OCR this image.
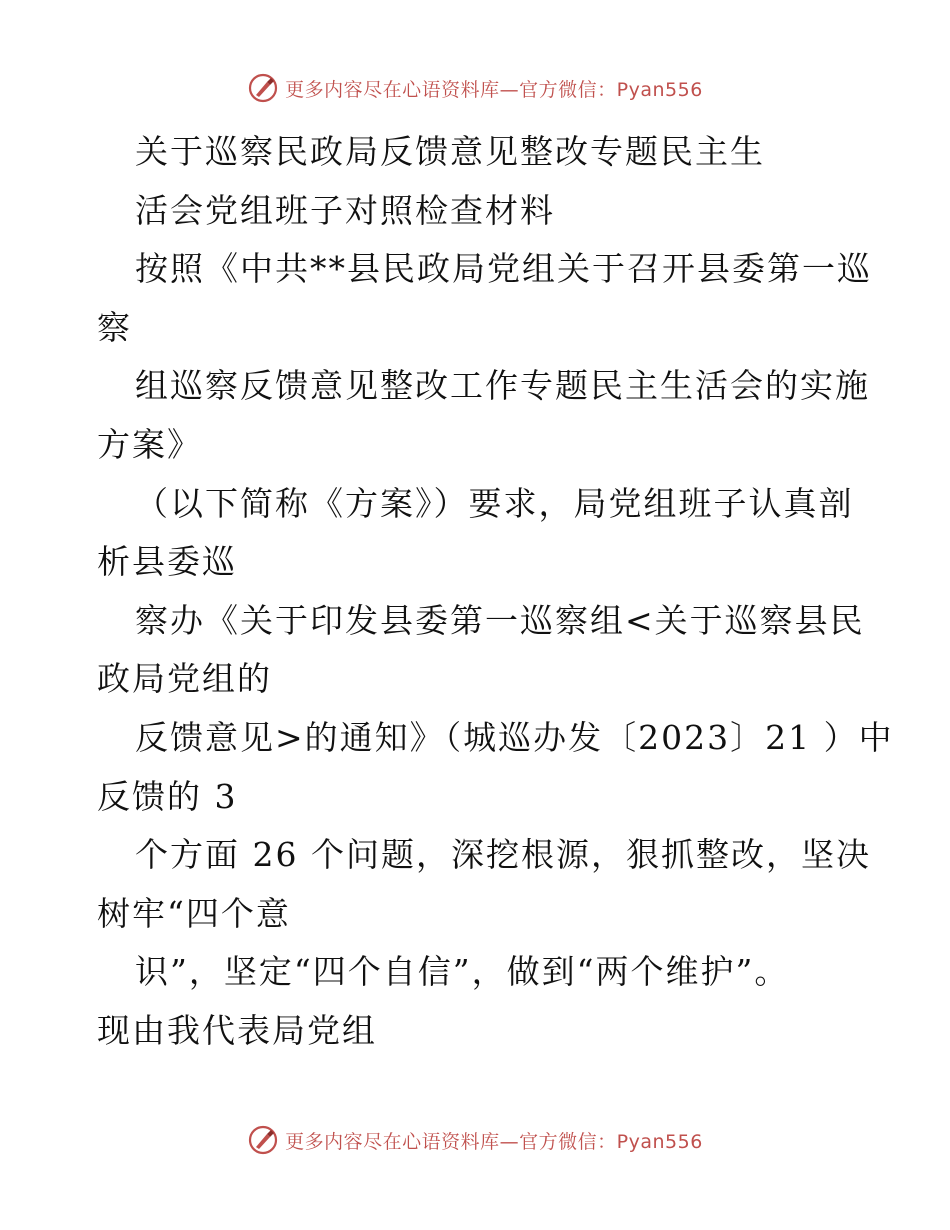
更多内容尽在心语资料库—官方微信：Pyan556
关于巡察民政局反馈意见整改专题民主生
活会党组班子对照检查材料
按照《中共**县民政局党组关于召开县委第一巡
察
组巡察反馈意见整改工作专题民主生活会的实施
方案》
（以下简称《方案》）要求，局党组班子认真剖
析县委巡
察办《关于印发县委第一巡察组<关于巡察县民
政局党组的
反馈意见>的通知》（城巡办发〔2023〕21 ）中
反馈的 3
个方面 26 个问题，深挖根源，狠抓整改，坚决
树牢“四个意
识”，坚定“四个自信”，做到“两个维护”。
现由我代表局党组
更多内容尽在心语资料库—官方微信：Pyan556
